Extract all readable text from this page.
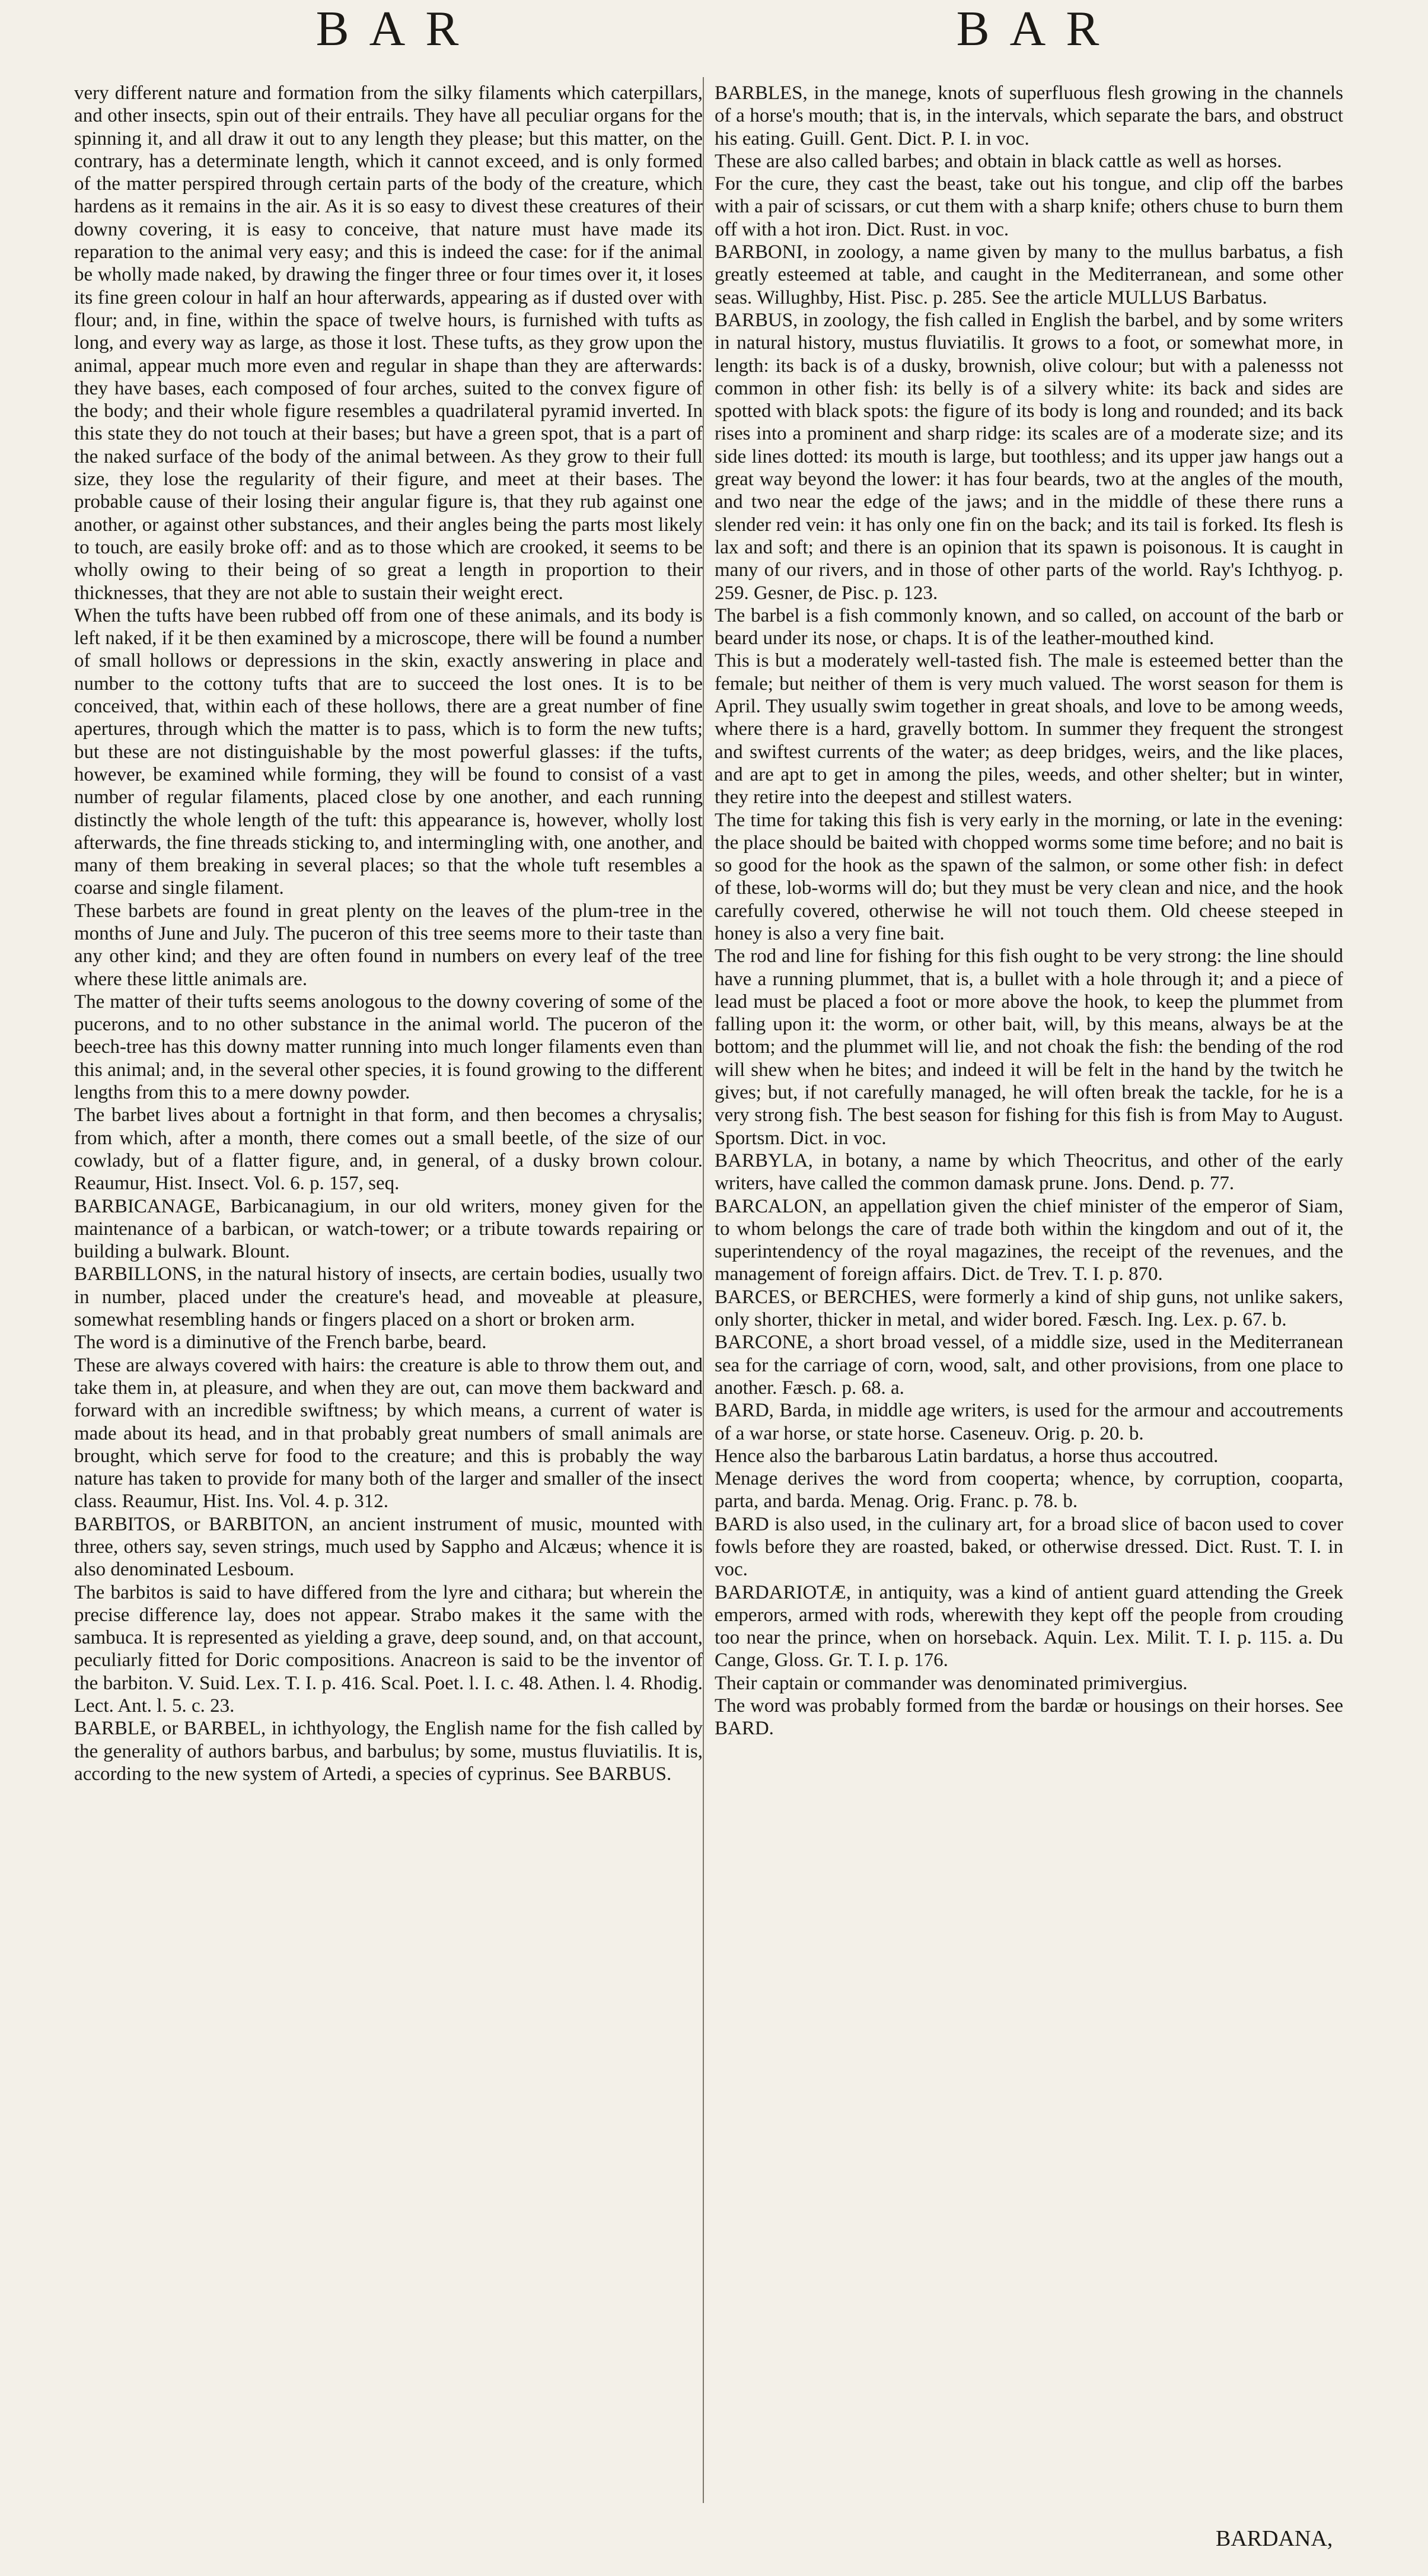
BAR	BAR

very different nature and formation from the silky filaments which caterpillars, and other insects, spin out of their entrails. They have all peculiar organs for the spinning it, and all draw it out to any length they please; but this matter, on the contrary, has a determinate length, which it cannot exceed, and is only formed of the matter perspired through certain parts of the body of the creature, which hardens as it remains in the air. As it is so easy to divest these creatures of their downy covering, it is easy to conceive, that nature must have made its reparation to the animal very easy; and this is indeed the case: for if the animal be wholly made naked, by drawing the finger three or four times over it, it loses its fine green colour in half an hour afterwards, appearing as if dusted over with flour; and, in fine, within the space of twelve hours, is furnished with tufts as long, and every way as large, as those it lost. These tufts, as they grow upon the animal, appear much more even and regular in shape than they are afterwards: they have bases, each composed of four arches, suited to the convex figure of the body; and their whole figure resembles a quadrilateral pyramid inverted. In this state they do not touch at their bases; but have a green spot, that is a part of the naked surface of the body of the animal between. As they grow to their full size, they lose the regularity of their figure, and meet at their bases. The probable cause of their losing their angular figure is, that they rub against one another, or against other substances, and their angles being the parts most likely to touch, are easily broke off: and as to those which are crooked, it seems to be wholly owing to their being of so great a length in proportion to their thicknesses, that they are not able to sustain their weight erect.

When the tufts have been rubbed off from one of these animals, and its body is left naked, if it be then examined by a microscope, there will be found a number of small hollows or depressions in the skin, exactly answering in place and number to the cottony tufts that are to succeed the lost ones. It is to be conceived, that, within each of these hollows, there are a great number of fine apertures, through which the matter is to pass, which is to form the new tufts; but these are not distinguishable by the most powerful glasses: if the tufts, however, be examined while forming, they will be found to consist of a vast number of regular filaments, placed close by one another, and each running distinctly the whole length of the tuft: this appearance is, however, wholly lost afterwards, the fine threads sticking to, and intermingling with, one another, and many of them breaking in several places; so that the whole tuft resembles a coarse and single filament.

These barbets are found in great plenty on the leaves of the plum-tree in the months of June and July. The puceron of this tree seems more to their taste than any other kind; and they are often found in numbers on every leaf of the tree where these little animals are.

The matter of their tufts seems anologous to the downy covering of some of the pucerons, and to no other substance in the animal world. The puceron of the beech-tree has this downy matter running into much longer filaments even than this animal; and, in the several other species, it is found growing to the different lengths from this to a mere downy powder.

The barbet lives about a fortnight in that form, and then becomes a chrysalis; from which, after a month, there comes out a small beetle, of the size of our cowlady, but of a flatter figure, and, in general, of a dusky brown colour. Reaumur, Hist. Insect. Vol. 6. p. 157, seq.

BARBICANAGE, Barbicanagium, in our old writers, money given for the maintenance of a barbican, or watch-tower; or a tribute towards repairing or building a bulwark. Blount.

BARBILLONS, in the natural history of insects, are certain bodies, usually two in number, placed under the creature's head, and moveable at pleasure, somewhat resembling hands or fingers placed on a short or broken arm.

The word is a diminutive of the French barbe, beard.

These are always covered with hairs: the creature is able to throw them out, and take them in, at pleasure, and when they are out, can move them backward and forward with an incredible swiftness; by which means, a current of water is made about its head, and in that probably great numbers of small animals are brought, which serve for food to the creature; and this is probably the way nature has taken to provide for many both of the larger and smaller of the insect class. Reaumur, Hist. Ins. Vol. 4. p. 312.

BARBITOS, or BARBITON, an ancient instrument of music, mounted with three, others say, seven strings, much used by Sappho and Alcæus; whence it is also denominated Lesboum.

The barbitos is said to have differed from the lyre and cithara; but wherein the precise difference lay, does not appear. Strabo makes it the same with the sambuca. It is represented as yielding a grave, deep sound, and, on that account, peculiarly fitted for Doric compositions. Anacreon is said to be the inventor of the barbiton. V. Suid. Lex. T. I. p. 416. Scal. Poet. l. I. c. 48. Athen. l. 4. Rhodig. Lect. Ant. l. 5. c. 23.

BARBLE, or BARBEL, in ichthyology, the English name for the fish called by the generality of authors barbus, and barbulus; by some, mustus fluviatilis. It is, according to the new system of Artedi, a species of cyprinus. See BARBUS.

BARBLES, in the manege, knots of superfluous flesh growing in the channels of a horse's mouth; that is, in the intervals, which separate the bars, and obstruct his eating. Guill. Gent. Dict. P. I. in voc.

These are also called barbes; and obtain in black cattle as well as horses.

For the cure, they cast the beast, take out his tongue, and clip off the barbes with a pair of scissars, or cut them with a sharp knife; others chuse to burn them off with a hot iron. Dict. Rust. in voc.

BARBONI, in zoology, a name given by many to the mullus barbatus, a fish greatly esteemed at table, and caught in the Mediterranean, and some other seas. Willughby, Hist. Pisc. p. 285. See the article MULLUS Barbatus.

BARBUS, in zoology, the fish called in English the barbel, and by some writers in natural history, mustus fluviatilis. It grows to a foot, or somewhat more, in length: its back is of a dusky, brownish, olive colour; but with a palenesss not common in other fish: its belly is of a silvery white: its back and sides are spotted with black spots: the figure of its body is long and rounded; and its back rises into a prominent and sharp ridge: its scales are of a moderate size; and its side lines dotted: its mouth is large, but toothless; and its upper jaw hangs out a great way beyond the lower: it has four beards, two at the angles of the mouth, and two near the edge of the jaws; and in the middle of these there runs a slender red vein: it has only one fin on the back; and its tail is forked. Its flesh is lax and soft; and there is an opinion that its spawn is poisonous. It is caught in many of our rivers, and in those of other parts of the world. Ray's Ichthyog. p. 259. Gesner, de Pisc. p. 123.

The barbel is a fish commonly known, and so called, on account of the barb or beard under its nose, or chaps. It is of the leather-mouthed kind.

This is but a moderately well-tasted fish. The male is esteemed better than the female; but neither of them is very much valued. The worst season for them is April. They usually swim together in great shoals, and love to be among weeds, where there is a hard, gravelly bottom. In summer they frequent the strongest and swiftest currents of the water; as deep bridges, weirs, and the like places, and are apt to get in among the piles, weeds, and other shelter; but in winter, they retire into the deepest and stillest waters.

The time for taking this fish is very early in the morning, or late in the evening: the place should be baited with chopped worms some time before; and no bait is so good for the hook as the spawn of the salmon, or some other fish: in defect of these, lob-worms will do; but they must be very clean and nice, and the hook carefully covered, otherwise he will not touch them. Old cheese steeped in honey is also a very fine bait.

The rod and line for fishing for this fish ought to be very strong: the line should have a running plummet, that is, a bullet with a hole through it; and a piece of lead must be placed a foot or more above the hook, to keep the plummet from falling upon it: the worm, or other bait, will, by this means, always be at the bottom; and the plummet will lie, and not choak the fish: the bending of the rod will shew when he bites; and indeed it will be felt in the hand by the twitch he gives; but, if not carefully managed, he will often break the tackle, for he is a very strong fish. The best season for fishing for this fish is from May to August. Sportsm. Dict. in voc.

BARBYLA, in botany, a name by which Theocritus, and other of the early writers, have called the common damask prune. Jons. Dend. p. 77.

BARCALON, an appellation given the chief minister of the emperor of Siam, to whom belongs the care of trade both within the kingdom and out of it, the superintendency of the royal magazines, the receipt of the revenues, and the management of foreign affairs. Dict. de Trev. T. I. p. 870.

BARCES, or BERCHES, were formerly a kind of ship guns, not unlike sakers, only shorter, thicker in metal, and wider bored. Fæsch. Ing. Lex. p. 67. b.

BARCONE, a short broad vessel, of a middle size, used in the Mediterranean sea for the carriage of corn, wood, salt, and other provisions, from one place to another. Fæsch. p. 68. a.

BARD, Barda, in middle age writers, is used for the armour and accoutrements of a war horse, or state horse. Caseneuv. Orig. p. 20. b.

Hence also the barbarous Latin bardatus, a horse thus accoutred.

Menage derives the word from cooperta; whence, by corruption, cooparta, parta, and barda. Menag. Orig. Franc. p. 78. b.

BARD is also used, in the culinary art, for a broad slice of bacon used to cover fowls before they are roasted, baked, or otherwise dressed. Dict. Rust. T. I. in voc.

BARDARIOTÆ, in antiquity, was a kind of antient guard attending the Greek emperors, armed with rods, wherewith they kept off the people from crouding too near the prince, when on horseback. Aquin. Lex. Milit. T. I. p. 115. a. Du Cange, Gloss. Gr. T. I. p. 176.

Their captain or commander was denominated primivergius.

The word was probably formed from the bardæ or housings on their horses. See BARD.

BARDANA,
